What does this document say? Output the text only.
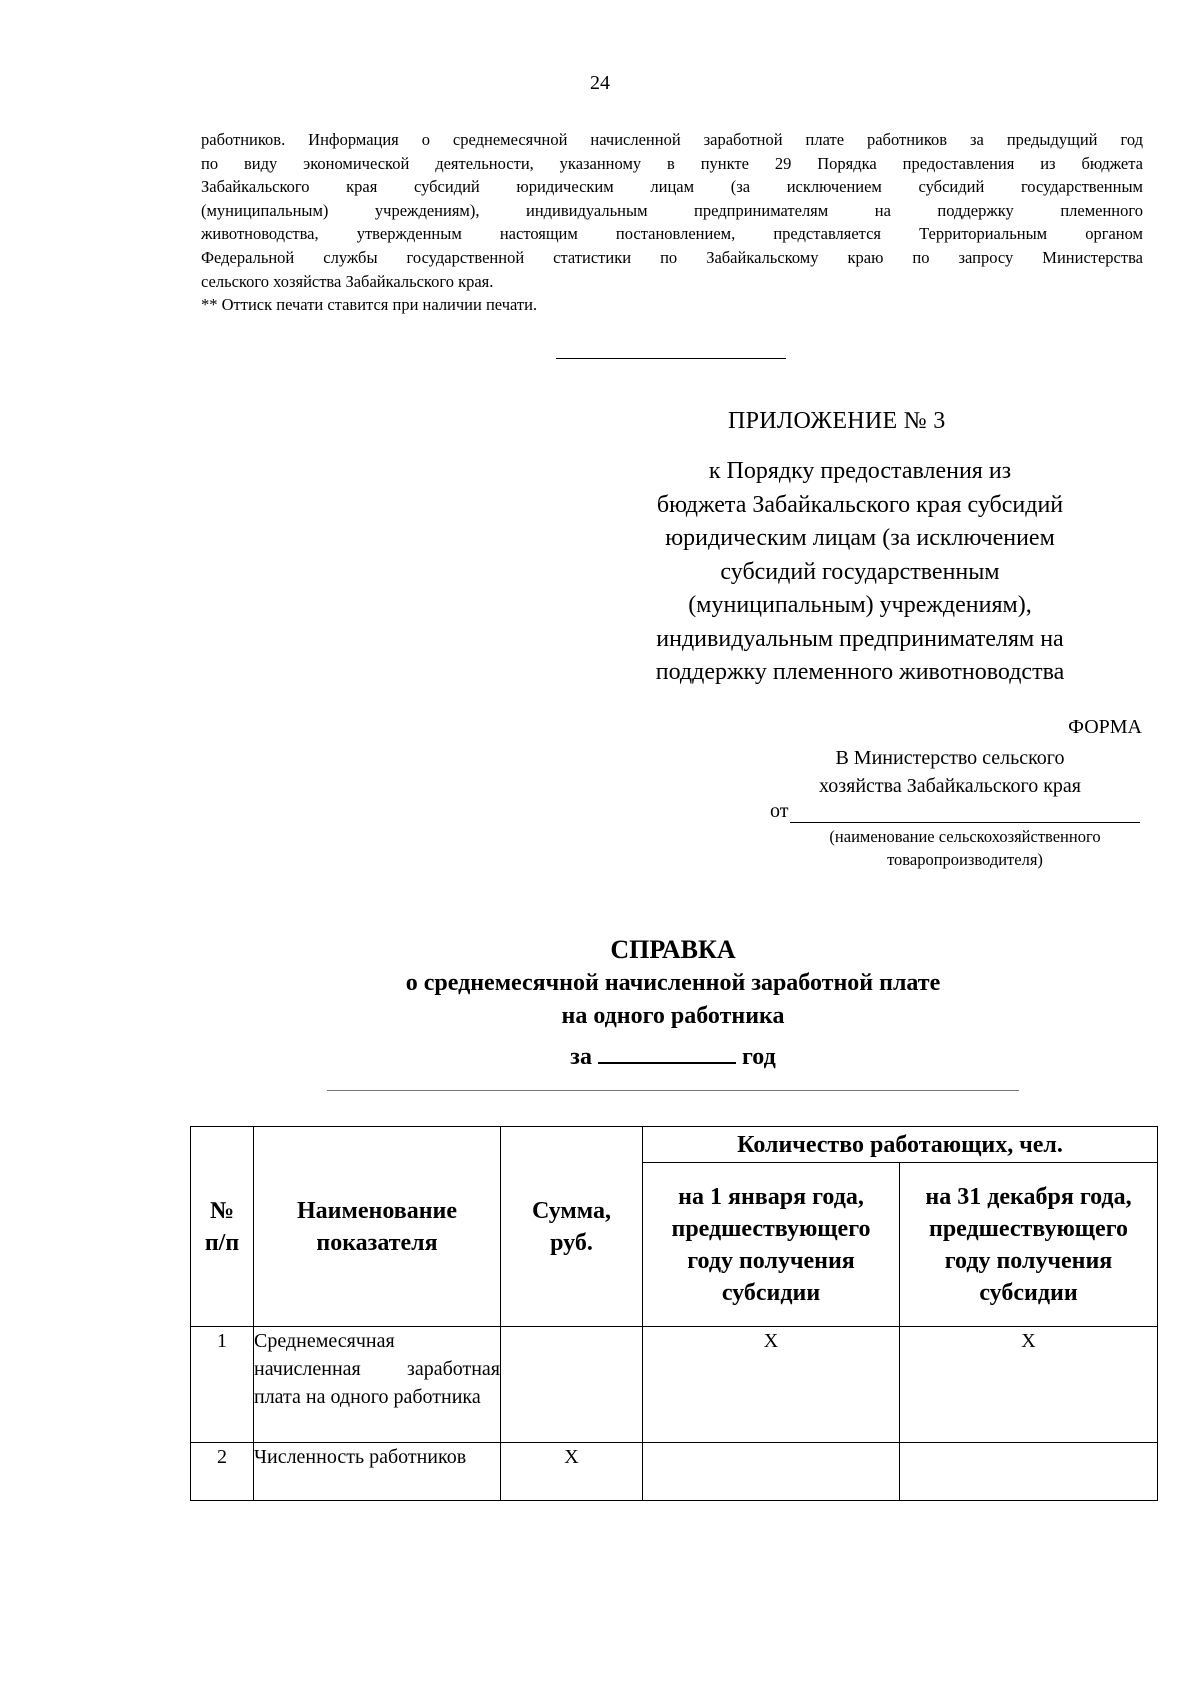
24
работников. Информация о среднемесячной начисленной заработной плате работников за предыдущий год
по виду экономической деятельности, указанному в пункте 29 Порядка предоставления из бюджета
Забайкальского края субсидий юридическим лицам (за исключением субсидий государственным
(муниципальным) учреждениям), индивидуальным предпринимателям на поддержку племенного
животноводства, утвержденным настоящим постановлением, представляется Территориальным органом
Федеральной службы государственной статистики по Забайкальскому краю по запросу Министерства
сельского хозяйства Забайкальского края.
** Оттиск печати ставится при наличии печати.
ПРИЛОЖЕНИЕ № 3
к Порядку предоставления из
бюджета Забайкальского края субсидий
юридическим лицам (за исключением
субсидий государственным
(муниципальным) учреждениям),
индивидуальным предпринимателям на
поддержку племенного животноводства
ФОРМА
В Министерство сельского
хозяйства Забайкальского края
от
(наименование сельскохозяйственного
товаропроизводителя)
СПРАВКА
о среднемесячной начисленной заработной плате
на одного работника
за	год
№ п/п	Наименование показателя	Сумма, руб.	Количество работающих, чел.	
			на 1 января года, предшествующего году получения субсидии	на 31 декабря года, предшествующего году получения субсидии
1	Среднемесячная начисленная заработная плата на одного работника		Х	Х
2	Численность работников	Х		
